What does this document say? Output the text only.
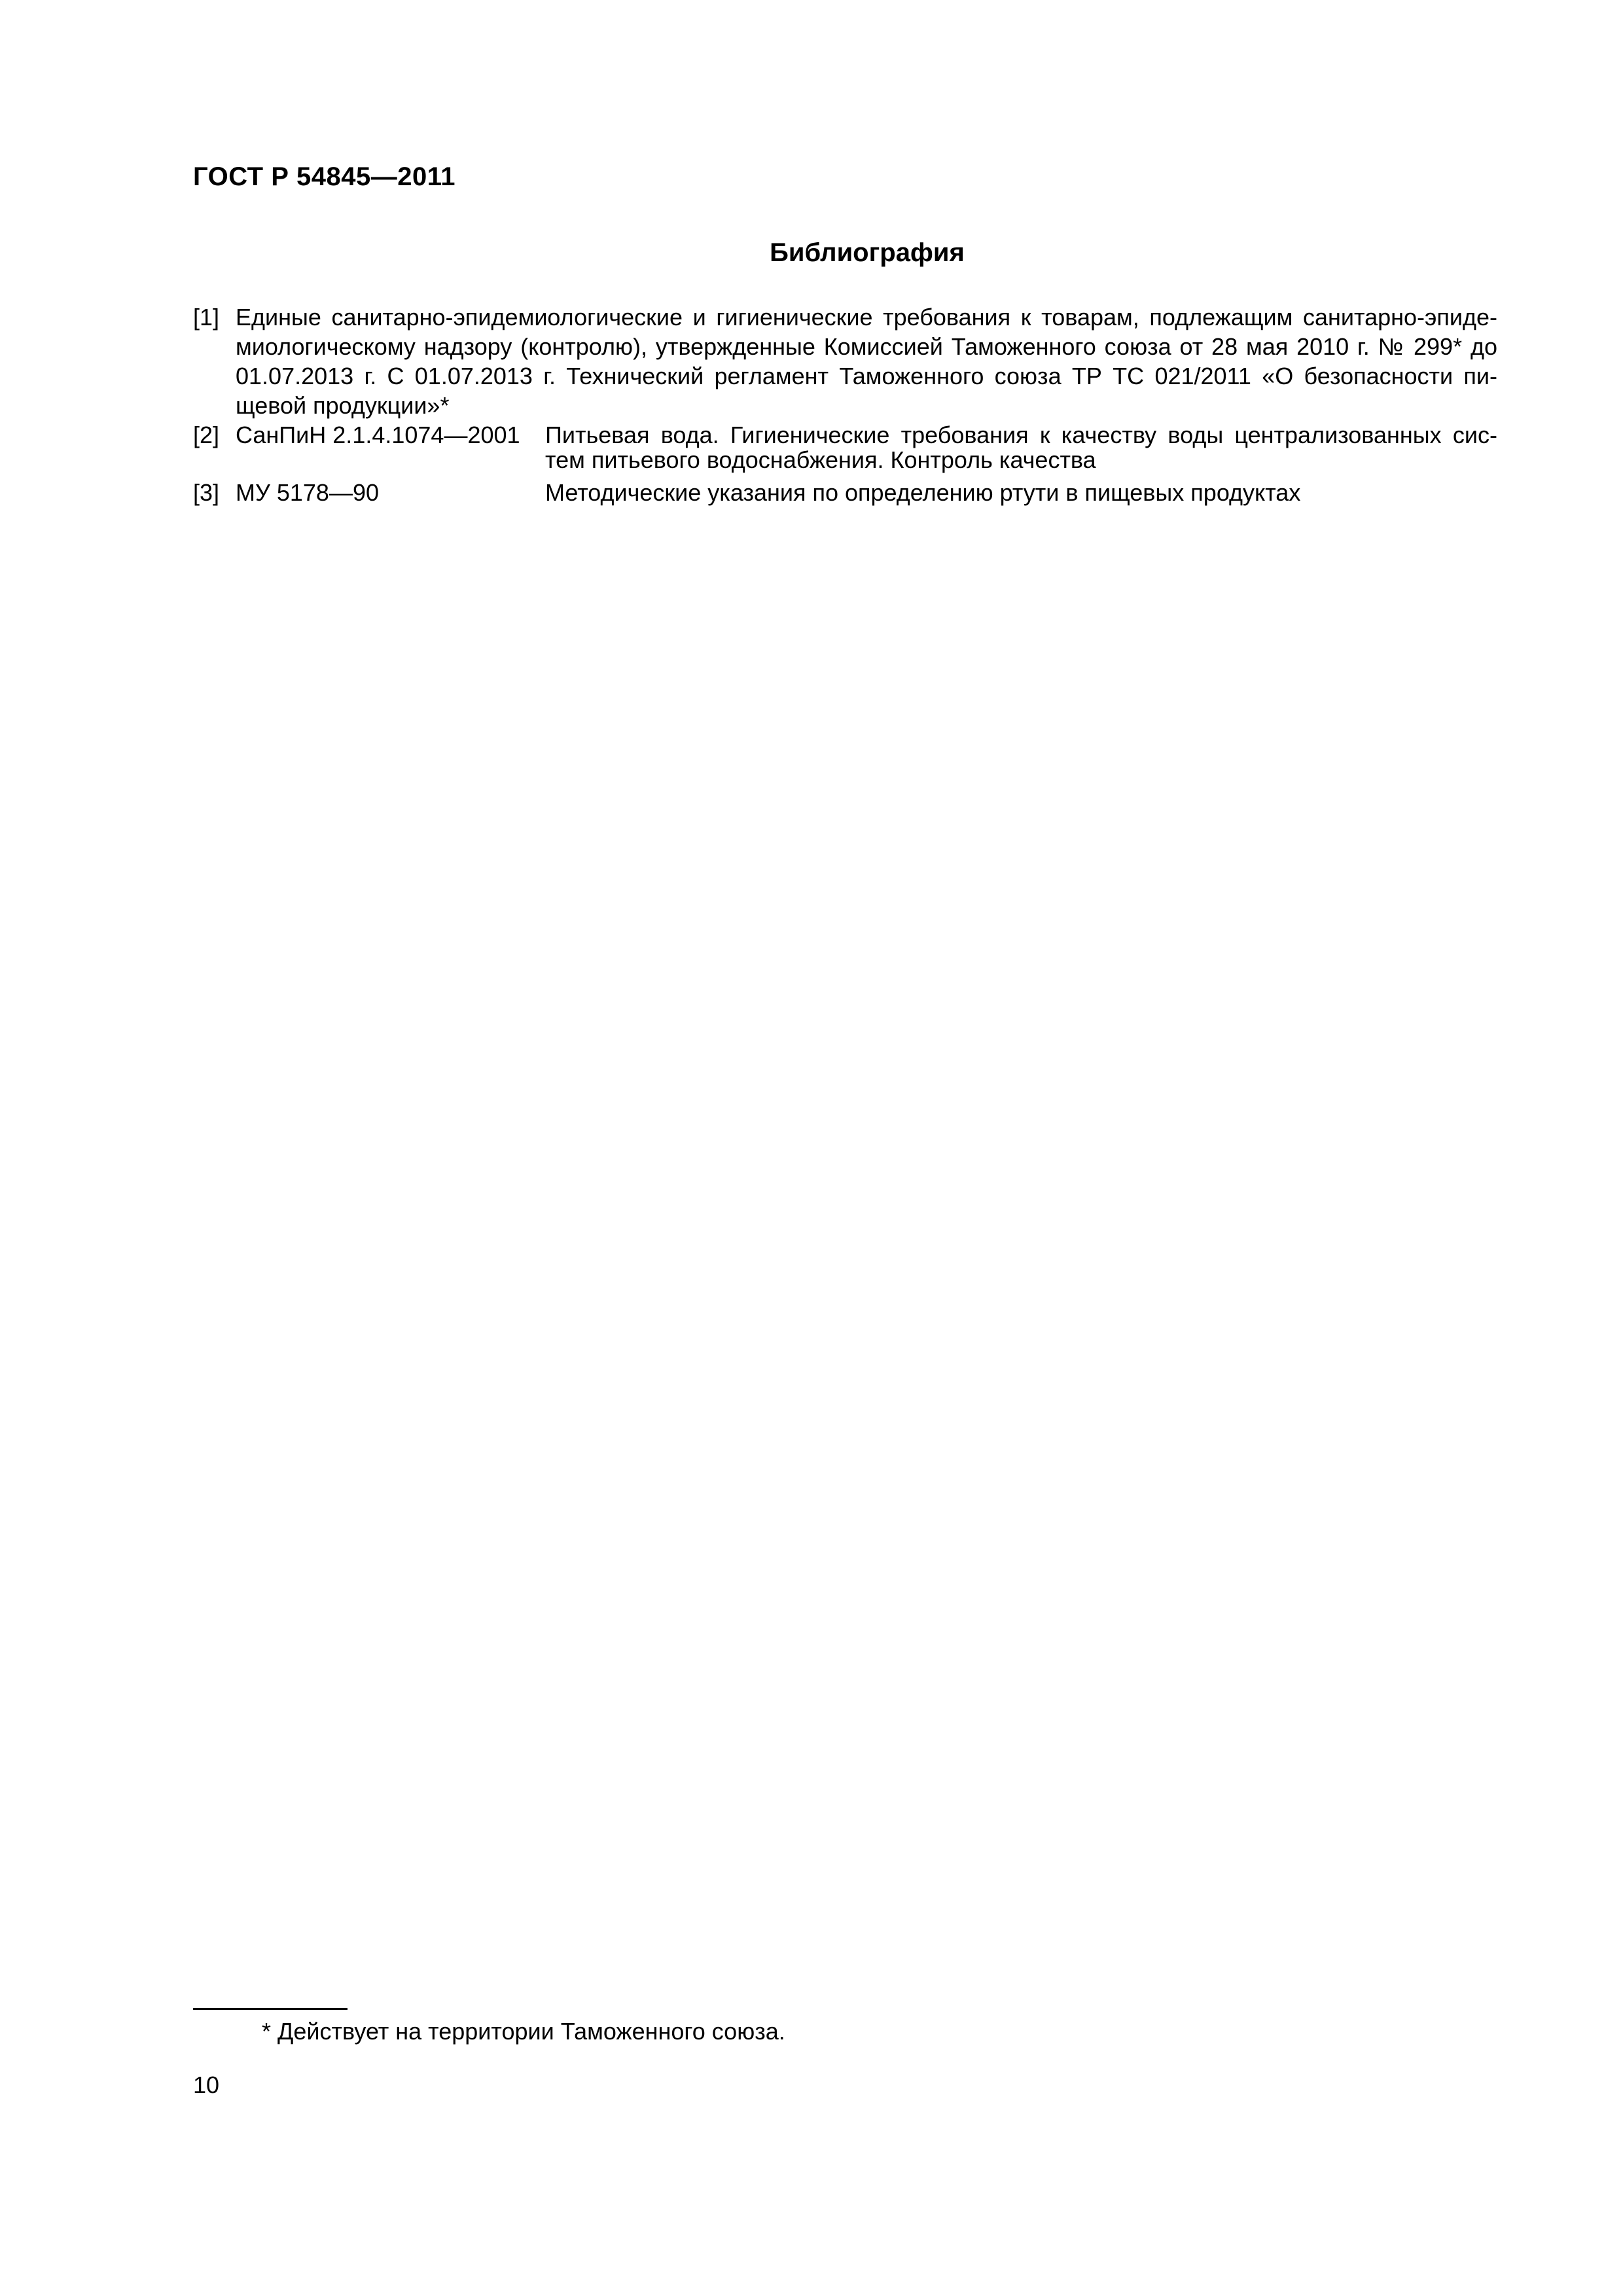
ГОСТ Р 54845—2011
Библиография
[1] Единые санитарно-эпидемиологические и гигиенические требования к товарам, подлежащим санитарно-эпиде-
миологическому надзору (контролю), утвержденные Комиссией Таможенного союза от 28 мая 2010 г. № 299* до
01.07.2013 г. С 01.07.2013 г. Технический регламент Таможенного союза ТР ТС 021/2011 «О безопасности пи-
щевой продукции»*
[2] СанПиН 2.1.4.1074—2001 Питьевая вода. Гигиенические требования к качеству воды централизованных сис-
тем питьевого водоснабжения. Контроль качества
[3] МУ 5178—90	Методические указания по определению ртути в пищевых продуктах
* Действует на территории Таможенного союза.
10
